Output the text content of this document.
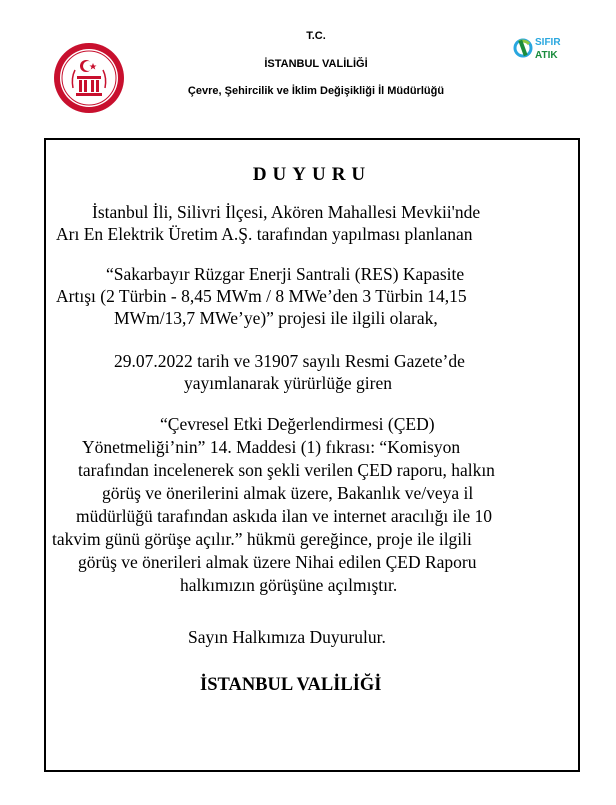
T.C.
İSTANBUL VALİLİĞİ
Çevre, Şehircilik ve İklim Değişikliği İl Müdürlüğü
SIFIR
ATIK
DUYURU
İstanbul İli, Silivri İlçesi, Akören Mahallesi Mevkii'nde
Arı En Elektrik Üretim A.Ş. tarafından yapılması planlanan
“Sakarbayır Rüzgar Enerji Santrali (RES) Kapasite
Artışı (2 Türbin - 8,45 MWm / 8 MWe’den 3 Türbin 14,15
MWm/13,7 MWe’ye)” projesi ile ilgili olarak,
29.07.2022 tarih ve 31907 sayılı Resmi Gazete’de
yayımlanarak yürürlüğe giren
“Çevresel Etki Değerlendirmesi (ÇED)
Yönetmeliği’nin” 14. Maddesi (1) fıkrası: “Komisyon
tarafından incelenerek son şekli verilen ÇED raporu, halkın
görüş ve önerilerini almak üzere, Bakanlık ve/veya il
müdürlüğü tarafından askıda ilan ve internet aracılığı ile 10
takvim günü görüşe açılır.” hükmü gereğince, proje ile ilgili
görüş ve önerileri almak üzere Nihai edilen ÇED Raporu
halkımızın görüşüne açılmıştır.
Sayın Halkımıza Duyurulur.
İSTANBUL VALİLİĞİ
